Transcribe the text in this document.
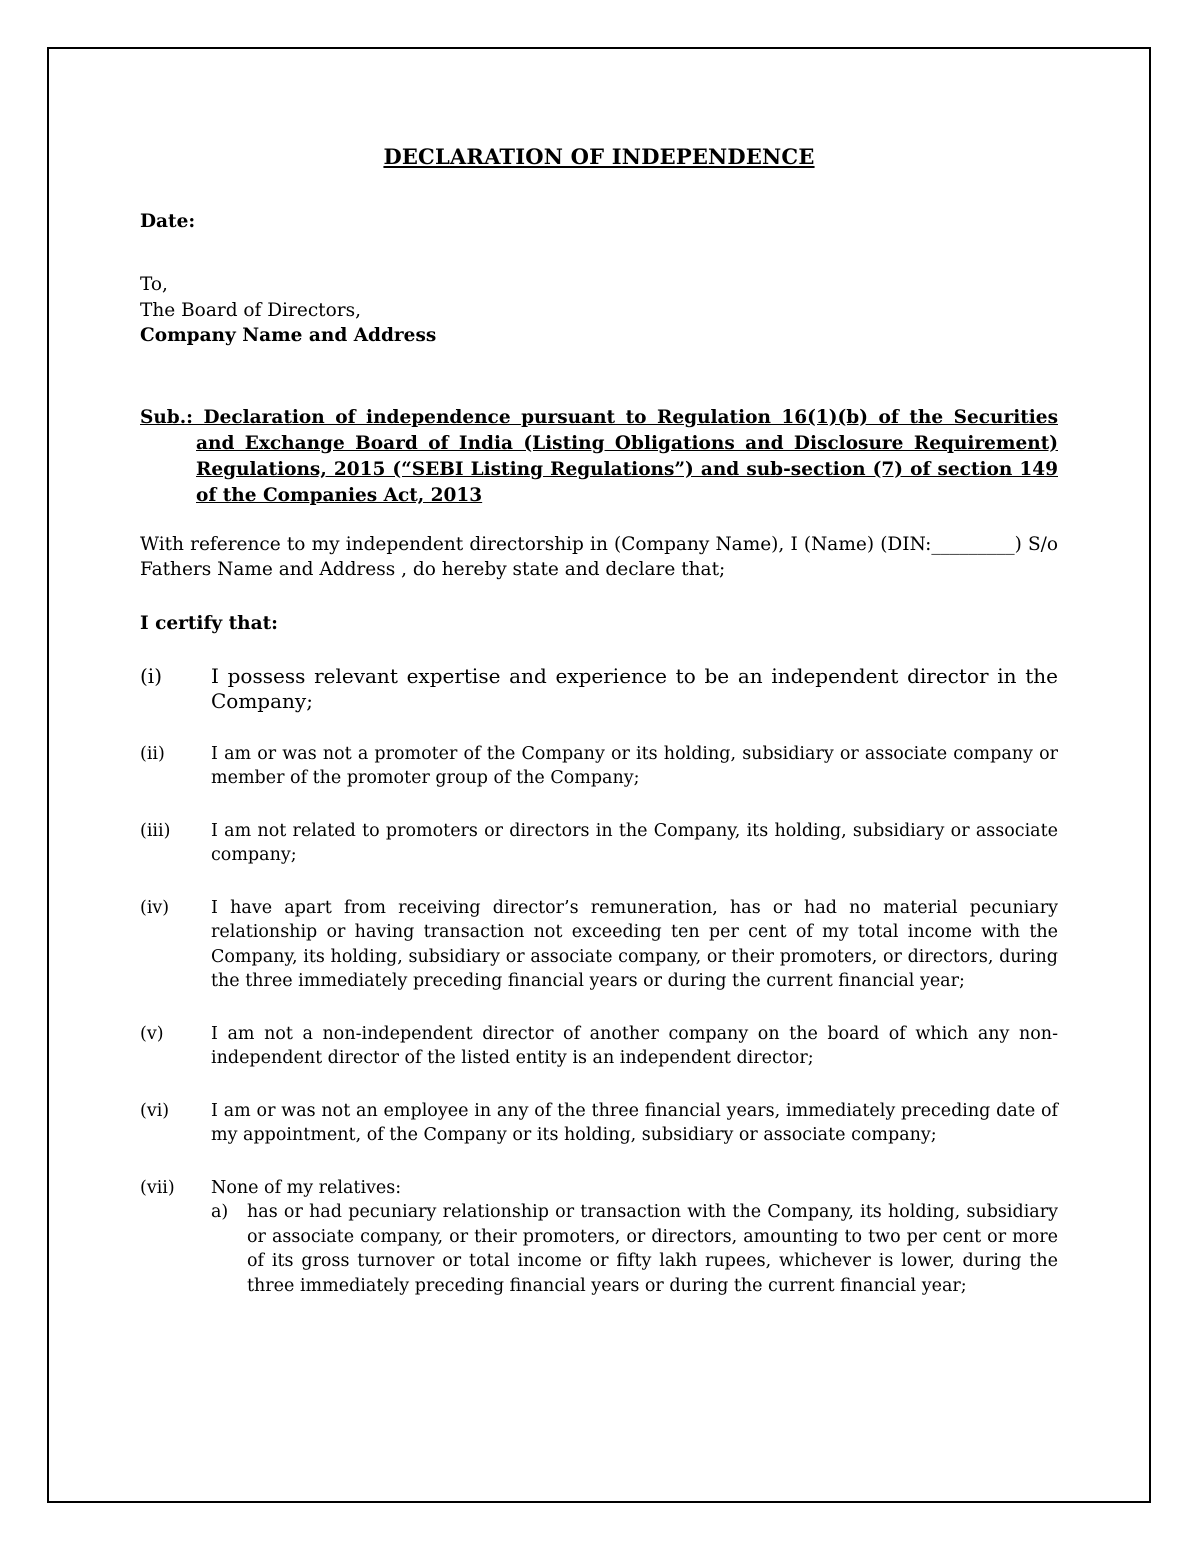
DECLARATION OF INDEPENDENCE
Date:
To,
The Board of Directors,
Company Name and Address
Sub.: Declaration of independence pursuant to Regulation 16(1)(b) of the Securities and Exchange Board of India (Listing Obligations and Disclosure Requirement) Regulations, 2015 (“SEBI Listing Regulations”) and sub-section (7) of section 149 of the Companies Act, 2013
With reference to my independent directorship in (Company Name), I (Name) (DIN:_________) S/o Fathers Name and Address , do hereby state and declare that;
I certify that:
(i) I possess relevant expertise and experience to be an independent director in the Company;
(ii)	I am or was not a promoter of the Company or its holding, subsidiary or associate company or member of the promoter group of the Company;
(iii) I am not related to promoters or directors in the Company, its holding, subsidiary or associate company;
(iv) I have apart from receiving director’s remuneration, has or had no material pecuniary relationship or having transaction not exceeding ten per cent of my total income with the Company, its holding, subsidiary or associate company, or their promoters, or directors, during the three immediately preceding financial years or during the current financial year;
(v)	I am not a non-independent director of another company on the board of which any non-independent director of the listed entity is an independent director;
(vi) I am or was not an employee in any of the three financial years, immediately preceding date of my appointment, of the Company or its holding, subsidiary or associate company;
(vii) None of my relatives:
a) has or had pecuniary relationship or transaction with the Company, its holding, subsidiary or associate company, or their promoters, or directors, amounting to two per cent or more of its gross turnover or total income or fifty lakh rupees, whichever is lower, during the three immediately preceding financial years or during the current financial year;
